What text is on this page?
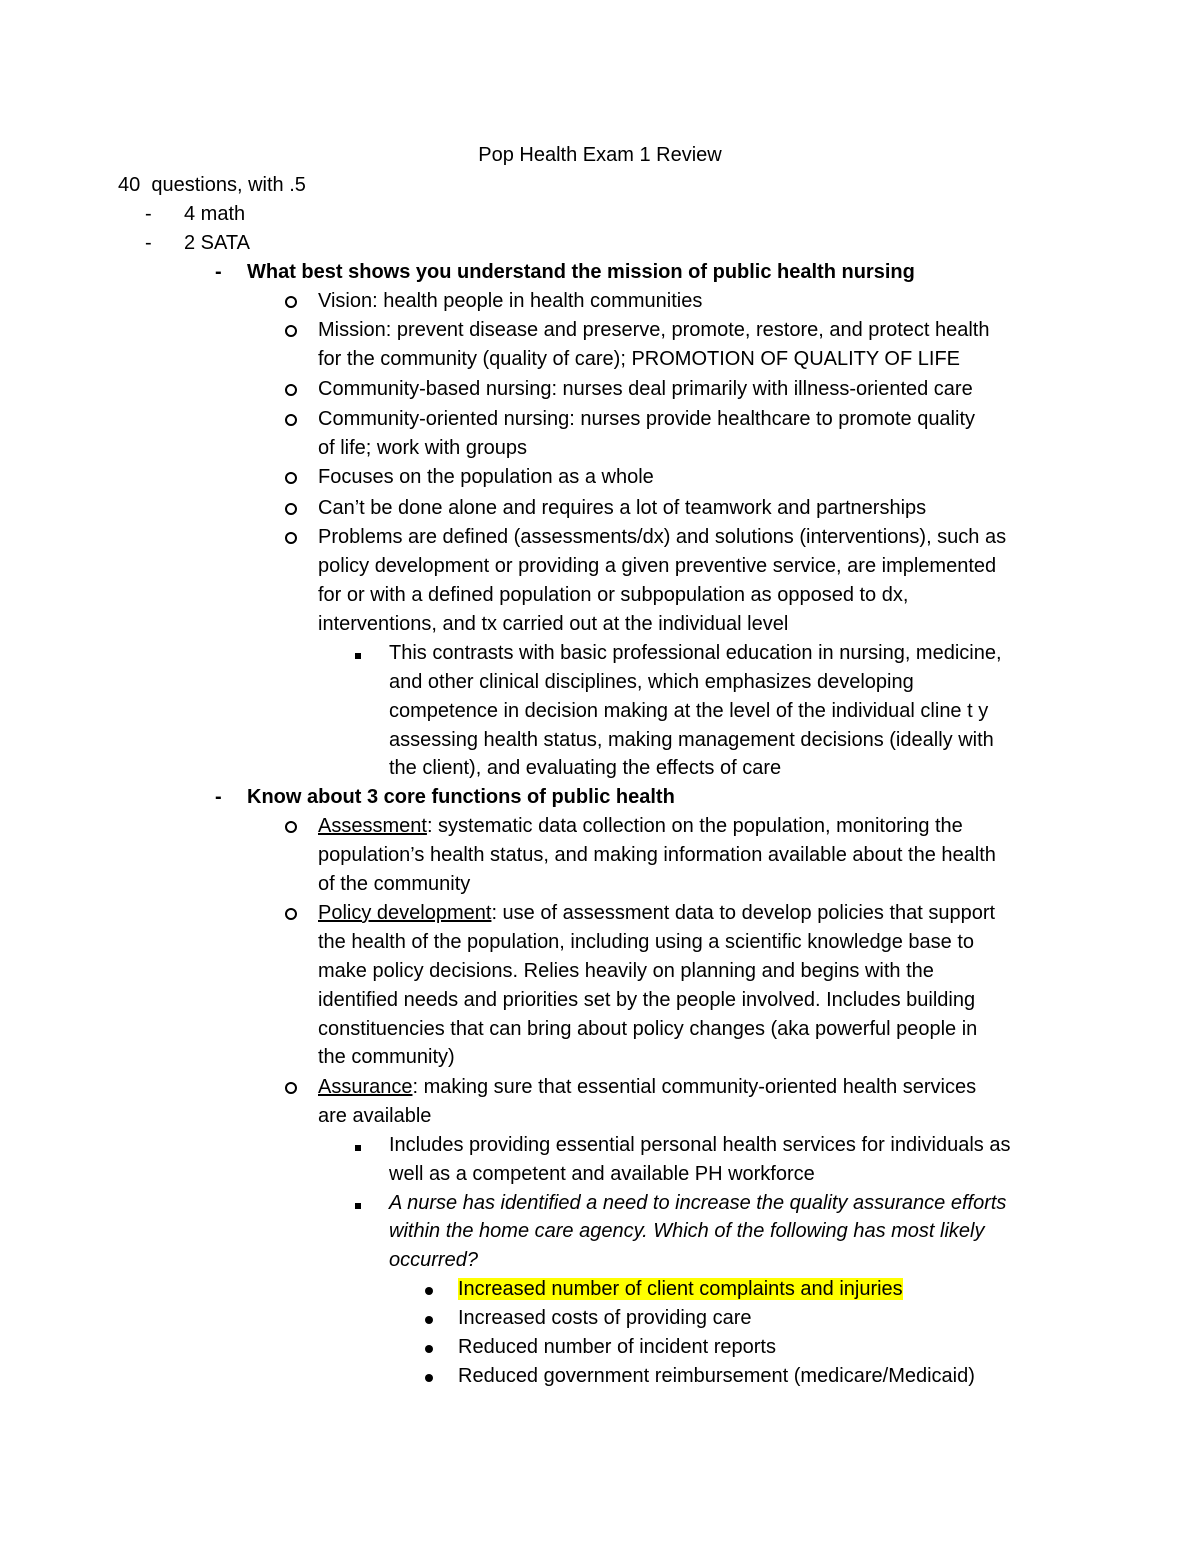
Pop Health Exam 1 Review
40 questions, with .5
- 4 math
- 2 SATA
- What best shows you understand the mission of public health nursing
Vision: health people in health communities
Mission: prevent disease and preserve, promote, restore, and protect health
for the community (quality of care); PROMOTION OF QUALITY OF LIFE
Community-based nursing: nurses deal primarily with illness-oriented care
Community-oriented nursing: nurses provide healthcare to promote quality
of life; work with groups
Focuses on the population as a whole
Can’t be done alone and requires a lot of teamwork and partnerships
Problems are defined (assessments/dx) and solutions (interventions), such as
policy development or providing a given preventive service, are implemented
for or with a defined population or subpopulation as opposed to dx,
interventions, and tx carried out at the individual level
This contrasts with basic professional education in nursing, medicine,
and other clinical disciplines, which emphasizes developing
competence in decision making at the level of the individual cline t y
assessing health status, making management decisions (ideally with
the client), and evaluating the effects of care
- Know about 3 core functions of public health
Assessment: systematic data collection on the population, monitoring the
population’s health status, and making information available about the health
of the community
Policy development: use of assessment data to develop policies that support
the health of the population, including using a scientific knowledge base to
make policy decisions. Relies heavily on planning and begins with the
identified needs and priorities set by the people involved. Includes building
constituencies that can bring about policy changes (aka powerful people in
the community)
Assurance: making sure that essential community-oriented health services
are available
Includes providing essential personal health services for individuals as
well as a competent and available PH workforce
A nurse has identified a need to increase the quality assurance efforts
within the home care agency. Which of the following has most likely
occurred?
Increased number of client complaints and injuries
Increased costs of providing care
Reduced number of incident reports
Reduced government reimbursement (medicare/Medicaid)
